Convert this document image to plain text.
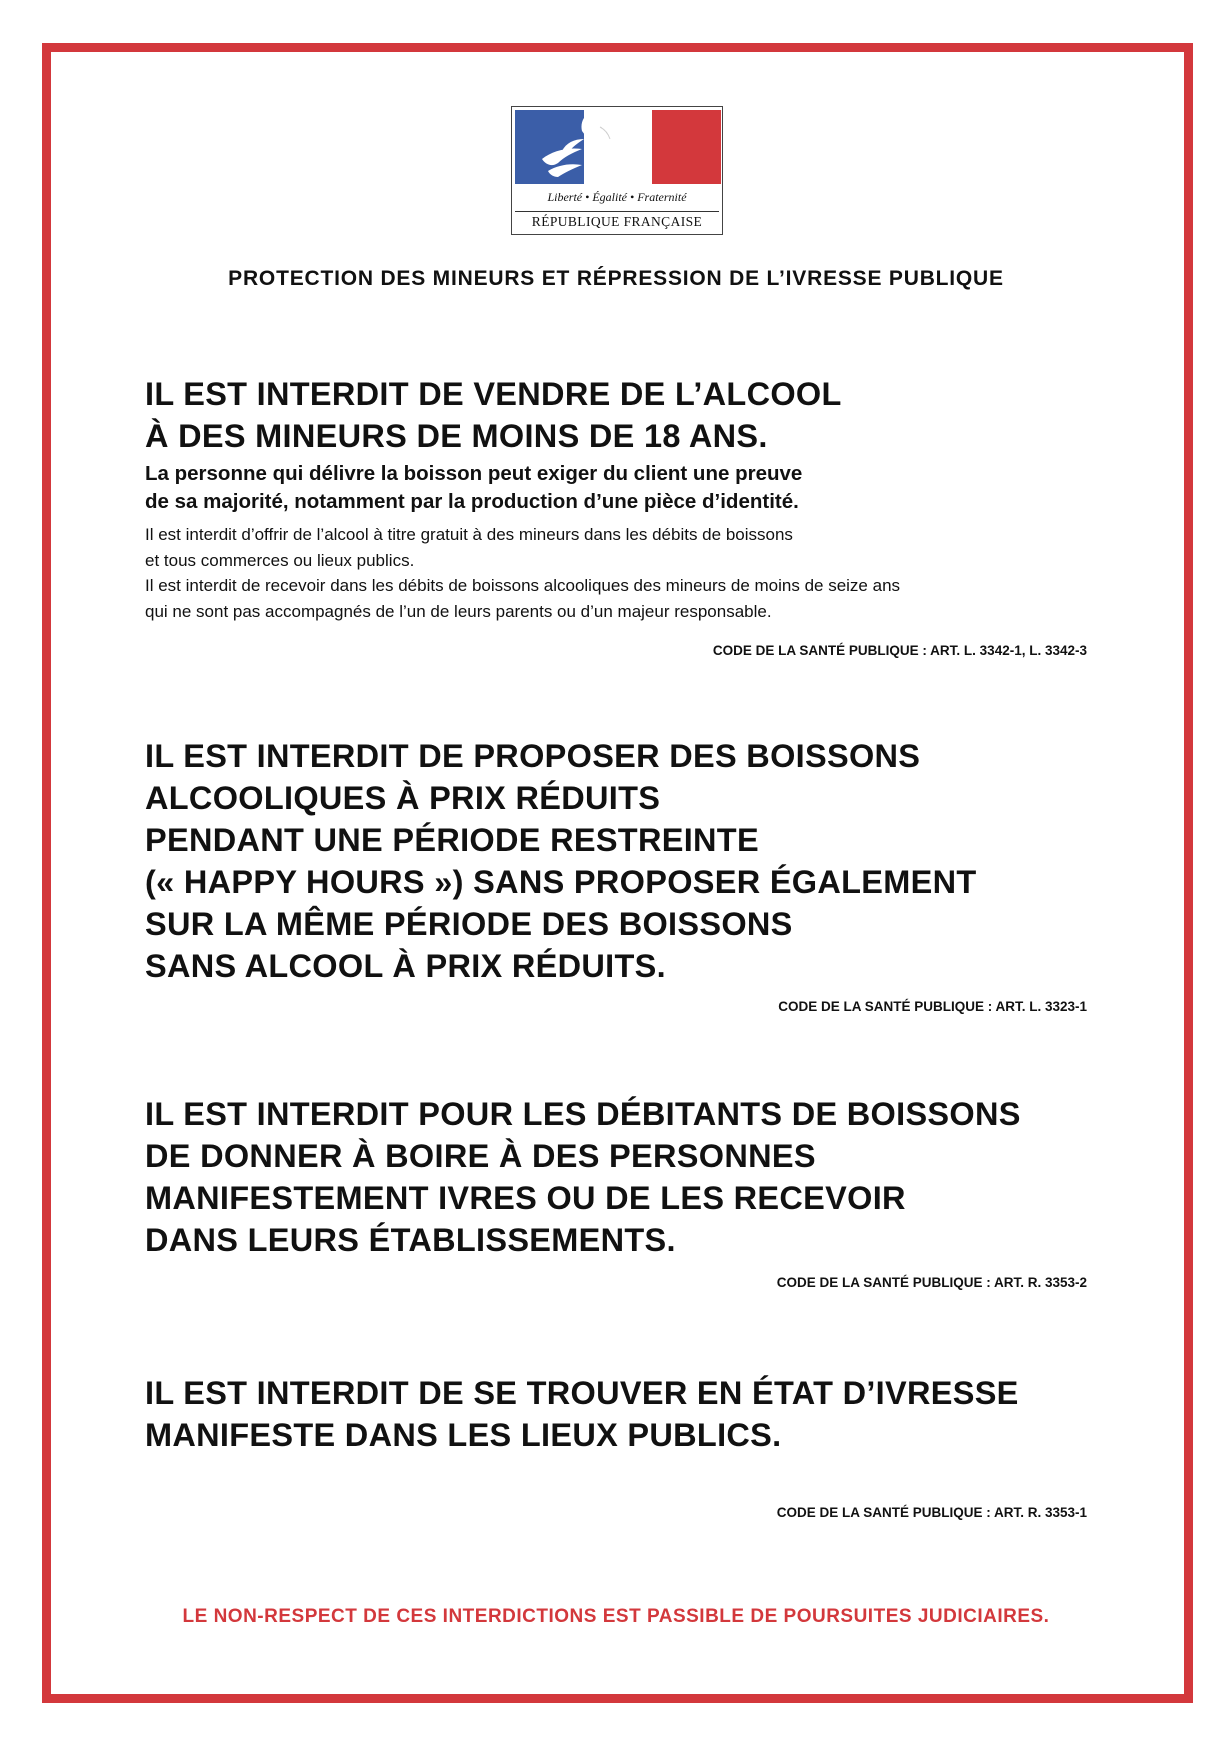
Liberté • Égalité • Fraternité
RÉPUBLIQUE FRANÇAISE
PROTECTION DES MINEURS ET RÉPRESSION DE L’IVRESSE PUBLIQUE
IL EST INTERDIT DE VENDRE DE L’ALCOOL
À DES MINEURS DE MOINS DE 18 ANS.

La personne qui délivre la boisson peut exiger du client une preuve
de sa majorité, notamment par la production d’une pièce d’identité.

Il est interdit d’offrir de l’alcool à titre gratuit à des mineurs dans les débits de boissons
et tous commerces ou lieux publics.
Il est interdit de recevoir dans les débits de boissons alcooliques des mineurs de moins de seize ans
qui ne sont pas accompagnés de l’un de leurs parents ou d’un majeur responsable.

CODE DE LA SANTÉ PUBLIQUE : ART. L. 3342-1, L. 3342-3
IL EST INTERDIT DE PROPOSER DES BOISSONS
ALCOOLIQUES À PRIX RÉDUITS
PENDANT UNE PÉRIODE RESTREINTE
(« HAPPY HOURS ») SANS PROPOSER ÉGALEMENT
SUR LA MÊME PÉRIODE DES BOISSONS
SANS ALCOOL À PRIX RÉDUITS.
CODE DE LA SANTÉ PUBLIQUE : ART. L. 3323-1
IL EST INTERDIT POUR LES DÉBITANTS DE BOISSONS
DE DONNER À BOIRE À DES PERSONNES
MANIFESTEMENT IVRES OU DE LES RECEVOIR
DANS LEURS ÉTABLISSEMENTS.
CODE DE LA SANTÉ PUBLIQUE : ART. R. 3353-2
IL EST INTERDIT DE SE TROUVER EN ÉTAT D’IVRESSE
MANIFESTE DANS LES LIEUX PUBLICS.
CODE DE LA SANTÉ PUBLIQUE : ART. R. 3353-1
LE NON-RESPECT DE CES INTERDICTIONS EST PASSIBLE DE POURSUITES JUDICIAIRES.
